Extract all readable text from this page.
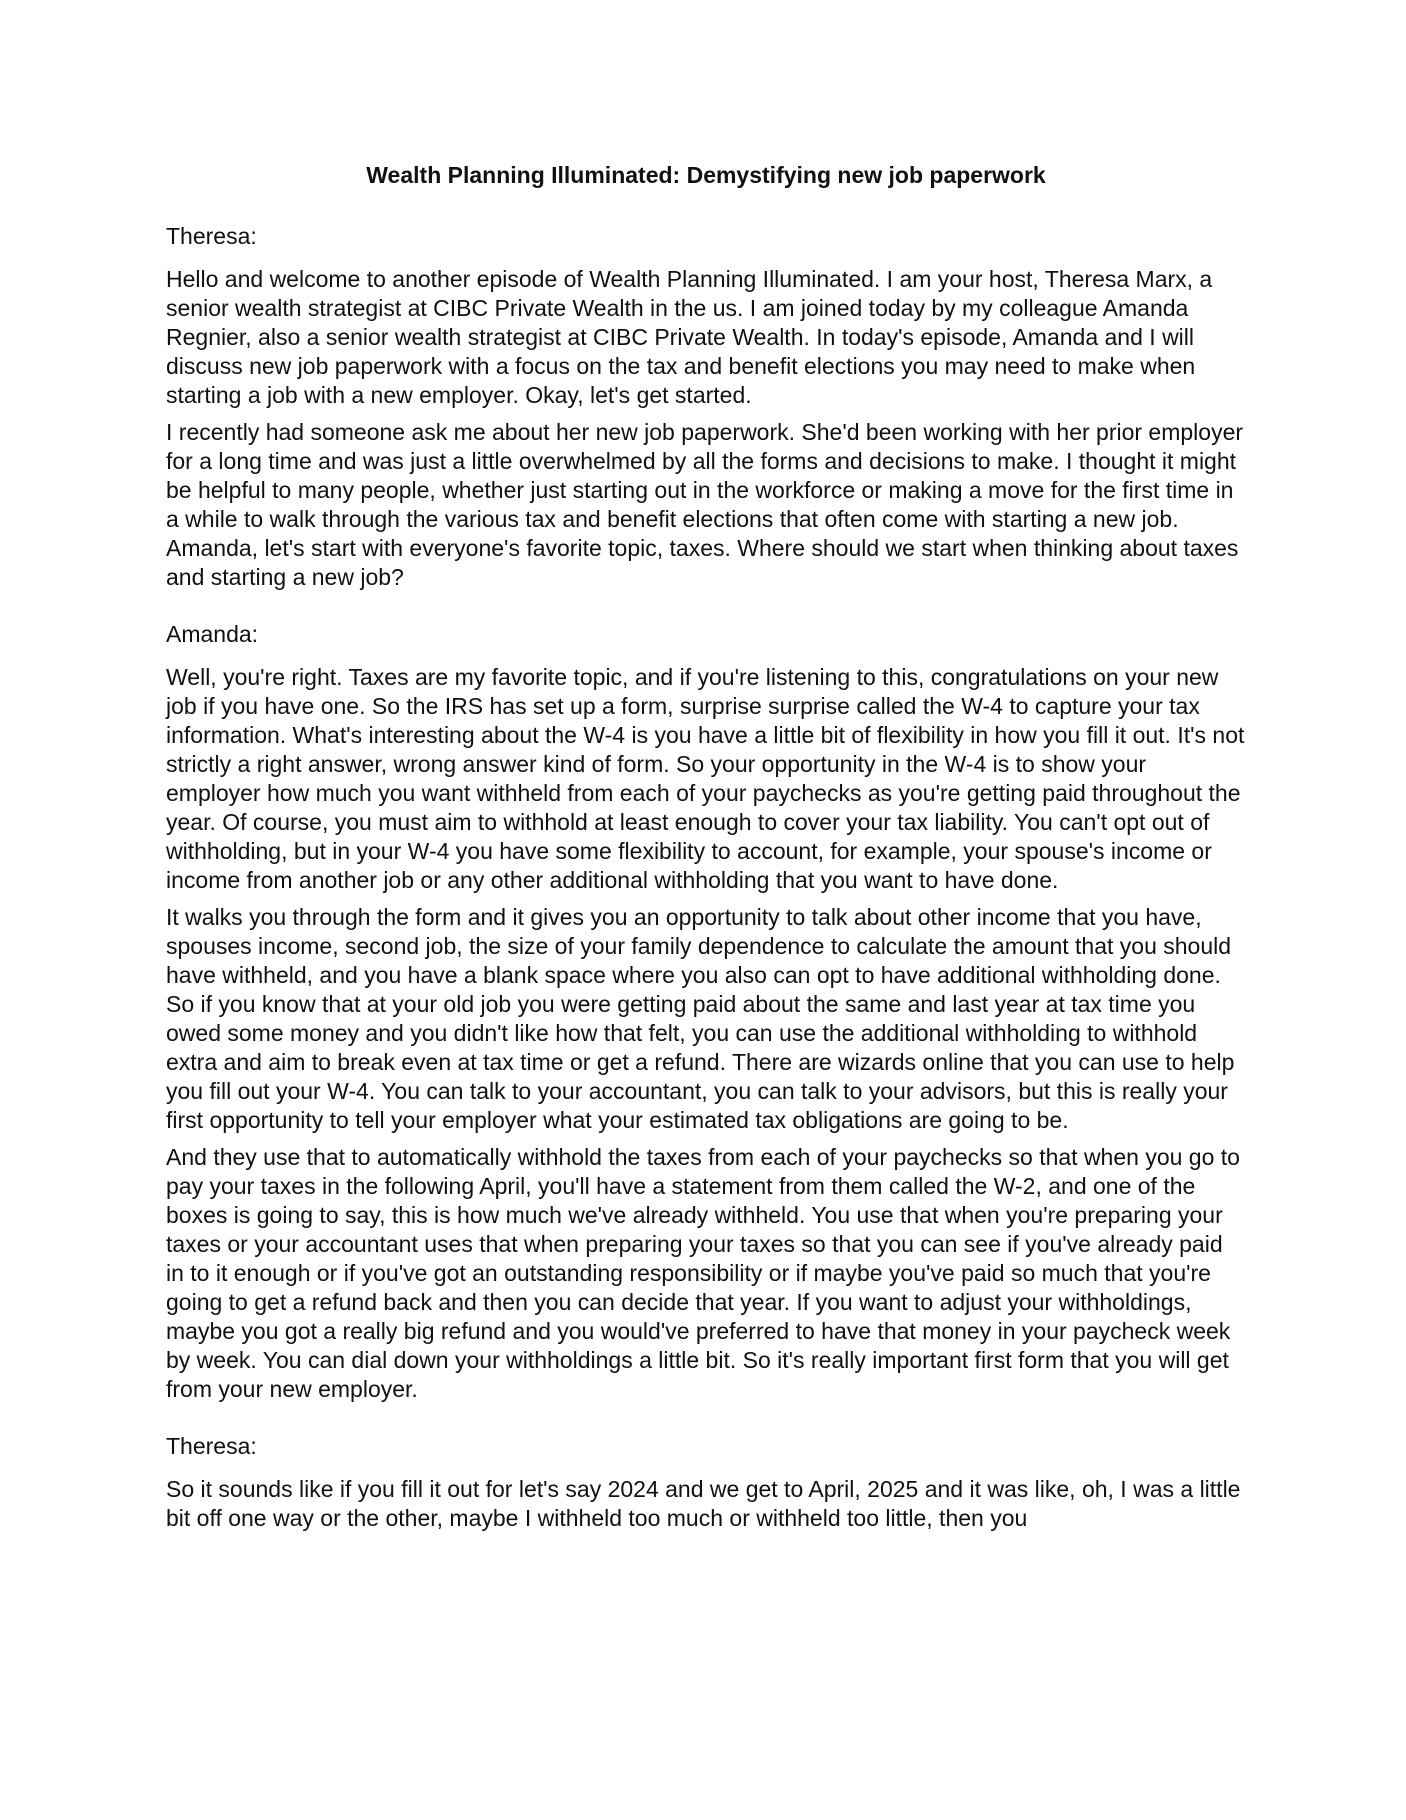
Wealth Planning Illuminated: Demystifying new job paperwork
Theresa:

Hello and welcome to another episode of Wealth Planning Illuminated. I am your host, Theresa Marx, a senior wealth strategist at CIBC Private Wealth in the us. I am joined today by my colleague Amanda Regnier, also a senior wealth strategist at CIBC Private Wealth. In today's episode, Amanda and I will discuss new job paperwork with a focus on the tax and benefit elections you may need to make when starting a job with a new employer. Okay, let's get started.

I recently had someone ask me about her new job paperwork. She'd been working with her prior employer for a long time and was just a little overwhelmed by all the forms and decisions to make. I thought it might be helpful to many people, whether just starting out in the workforce or making a move for the first time in a while to walk through the various tax and benefit elections that often come with starting a new job. Amanda, let's start with everyone's favorite topic, taxes. Where should we start when thinking about taxes and starting a new job?

Amanda:

Well, you're right. Taxes are my favorite topic, and if you're listening to this, congratulations on your new job if you have one. So the IRS has set up a form, surprise surprise called the W-4 to capture your tax information. What's interesting about the W-4 is you have a little bit of flexibility in how you fill it out. It's not strictly a right answer, wrong answer kind of form. So your opportunity in the W-4 is to show your employer how much you want withheld from each of your paychecks as you're getting paid throughout the year. Of course, you must aim to withhold at least enough to cover your tax liability. You can't opt out of withholding, but in your W-4 you have some flexibility to account, for example, your spouse's income or income from another job or any other additional withholding that you want to have done.

It walks you through the form and it gives you an opportunity to talk about other income that you have, spouses income, second job, the size of your family dependence to calculate the amount that you should have withheld, and you have a blank space where you also can opt to have additional withholding done. So if you know that at your old job you were getting paid about the same and last year at tax time you owed some money and you didn't like how that felt, you can use the additional withholding to withhold extra and aim to break even at tax time or get a refund. There are wizards online that you can use to help you fill out your W-4. You can talk to your accountant, you can talk to your advisors, but this is really your first opportunity to tell your employer what your estimated tax obligations are going to be.

And they use that to automatically withhold the taxes from each of your paychecks so that when you go to pay your taxes in the following April, you'll have a statement from them called the W-2, and one of the boxes is going to say, this is how much we've already withheld. You use that when you're preparing your taxes or your accountant uses that when preparing your taxes so that you can see if you've already paid in to it enough or if you've got an outstanding responsibility or if maybe you've paid so much that you're going to get a refund back and then you can decide that year. If you want to adjust your withholdings, maybe you got a really big refund and you would've preferred to have that money in your paycheck week by week. You can dial down your withholdings a little bit. So it's really important first form that you will get from your new employer.

Theresa:

So it sounds like if you fill it out for let's say 2024 and we get to April, 2025 and it was like, oh, I was a little bit off one way or the other, maybe I withheld too much or withheld too little, then you
